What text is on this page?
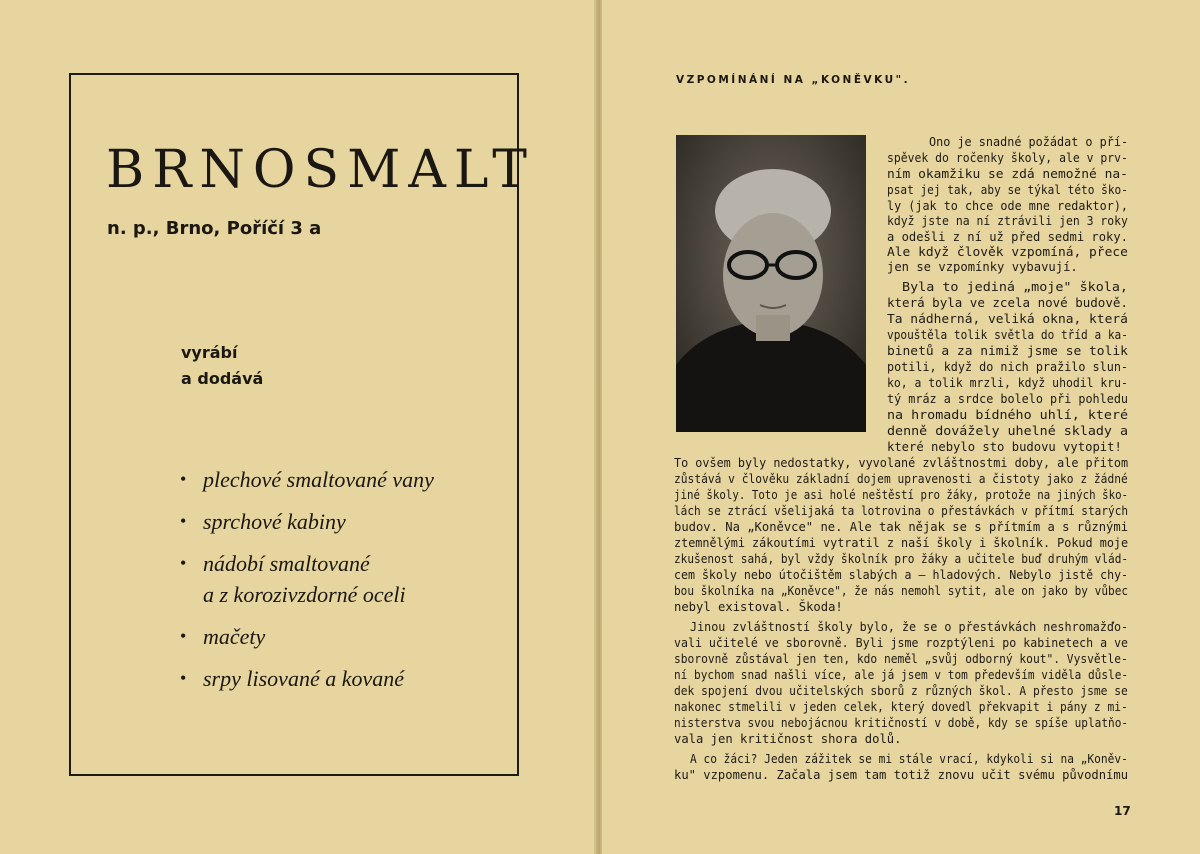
BRNOSMALT
n. p., Brno, Poříčí 3 a
vyrábí
a dodává
• plechové smaltované vany
• sprchové kabiny
• nádobí smaltované
a z korozivzdorné oceli
• mačety
• srpy lisované a kované
VZPOMÍNÁNÍ NA „KONĚVKU".
Ono je snadné požádat o pří-
spěvek do ročenky školy, ale v prv-
ním okamžiku se zdá nemožné na-
psat jej tak, aby se týkal této ško-
ly (jak to chce ode mne redaktor),
když jste na ní ztrávili jen 3 roky
a odešli z ní už před sedmi roky.
Ale když člověk vzpomíná, přece
jen se vzpomínky vybavují.
Byla to jediná „moje" škola,
která byla ve zcela nové budově.
Ta nádherná, veliká okna, která
vpouštěla tolik světla do tříd a ka-
binetů a za nimiž jsme se tolik
potili, když do nich pražilo slun-
ko, a tolik mrzli, když uhodil kru-
tý mráz a srdce bolelo při pohledu
na hromadu bídného uhlí, které
denně dovážely uhelné sklady a
které nebylo sto budovu vytopit!
To ovšem byly nedostatky, vyvolané zvláštnostmi doby, ale přitom
zůstává v člověku základní dojem upravenosti a čistoty jako z žádné
jiné školy. Toto je asi holé neštěstí pro žáky, protože na jiných ško-
lách se ztrácí všelijaká ta lotrovina o přestávkách v přítmí starých
budov. Na „Koněvce" ne. Ale tak nějak se s přítmím a s různými
ztemnělými zákoutími vytratil z naší školy i školník. Pokud moje
zkušenost sahá, byl vždy školník pro žáky a učitele buď druhým vlád-
cem školy nebo útočištěm slabých a — hladových. Nebylo jistě chy-
bou školníka na „Koněvce", že nás nemohl sytit, ale on jako by vůbec
nebyl existoval. Škoda!
Jinou zvláštností školy bylo, že se o přestávkách neshromažďo-
vali učitelé ve sborovně. Byli jsme rozptýleni po kabinetech a ve
sborovně zůstával jen ten, kdo neměl „svůj odborný kout". Vysvětle-
ní bychom snad našli více, ale já jsem v tom především viděla důsle-
dek spojení dvou učitelských sborů z různých škol. A přesto jsme se
nakonec stmelili v jeden celek, který dovedl překvapit i pány z mi-
nisterstva svou nebojácnou kritičností v době, kdy se spíše uplatňo-
vala jen kritičnost shora dolů.
A co žáci? Jeden zážitek se mi stále vrací, kdykoli si na „Koněv-
ku" vzpomenu. Začala jsem tam totiž znovu učit svému původnímu
17
